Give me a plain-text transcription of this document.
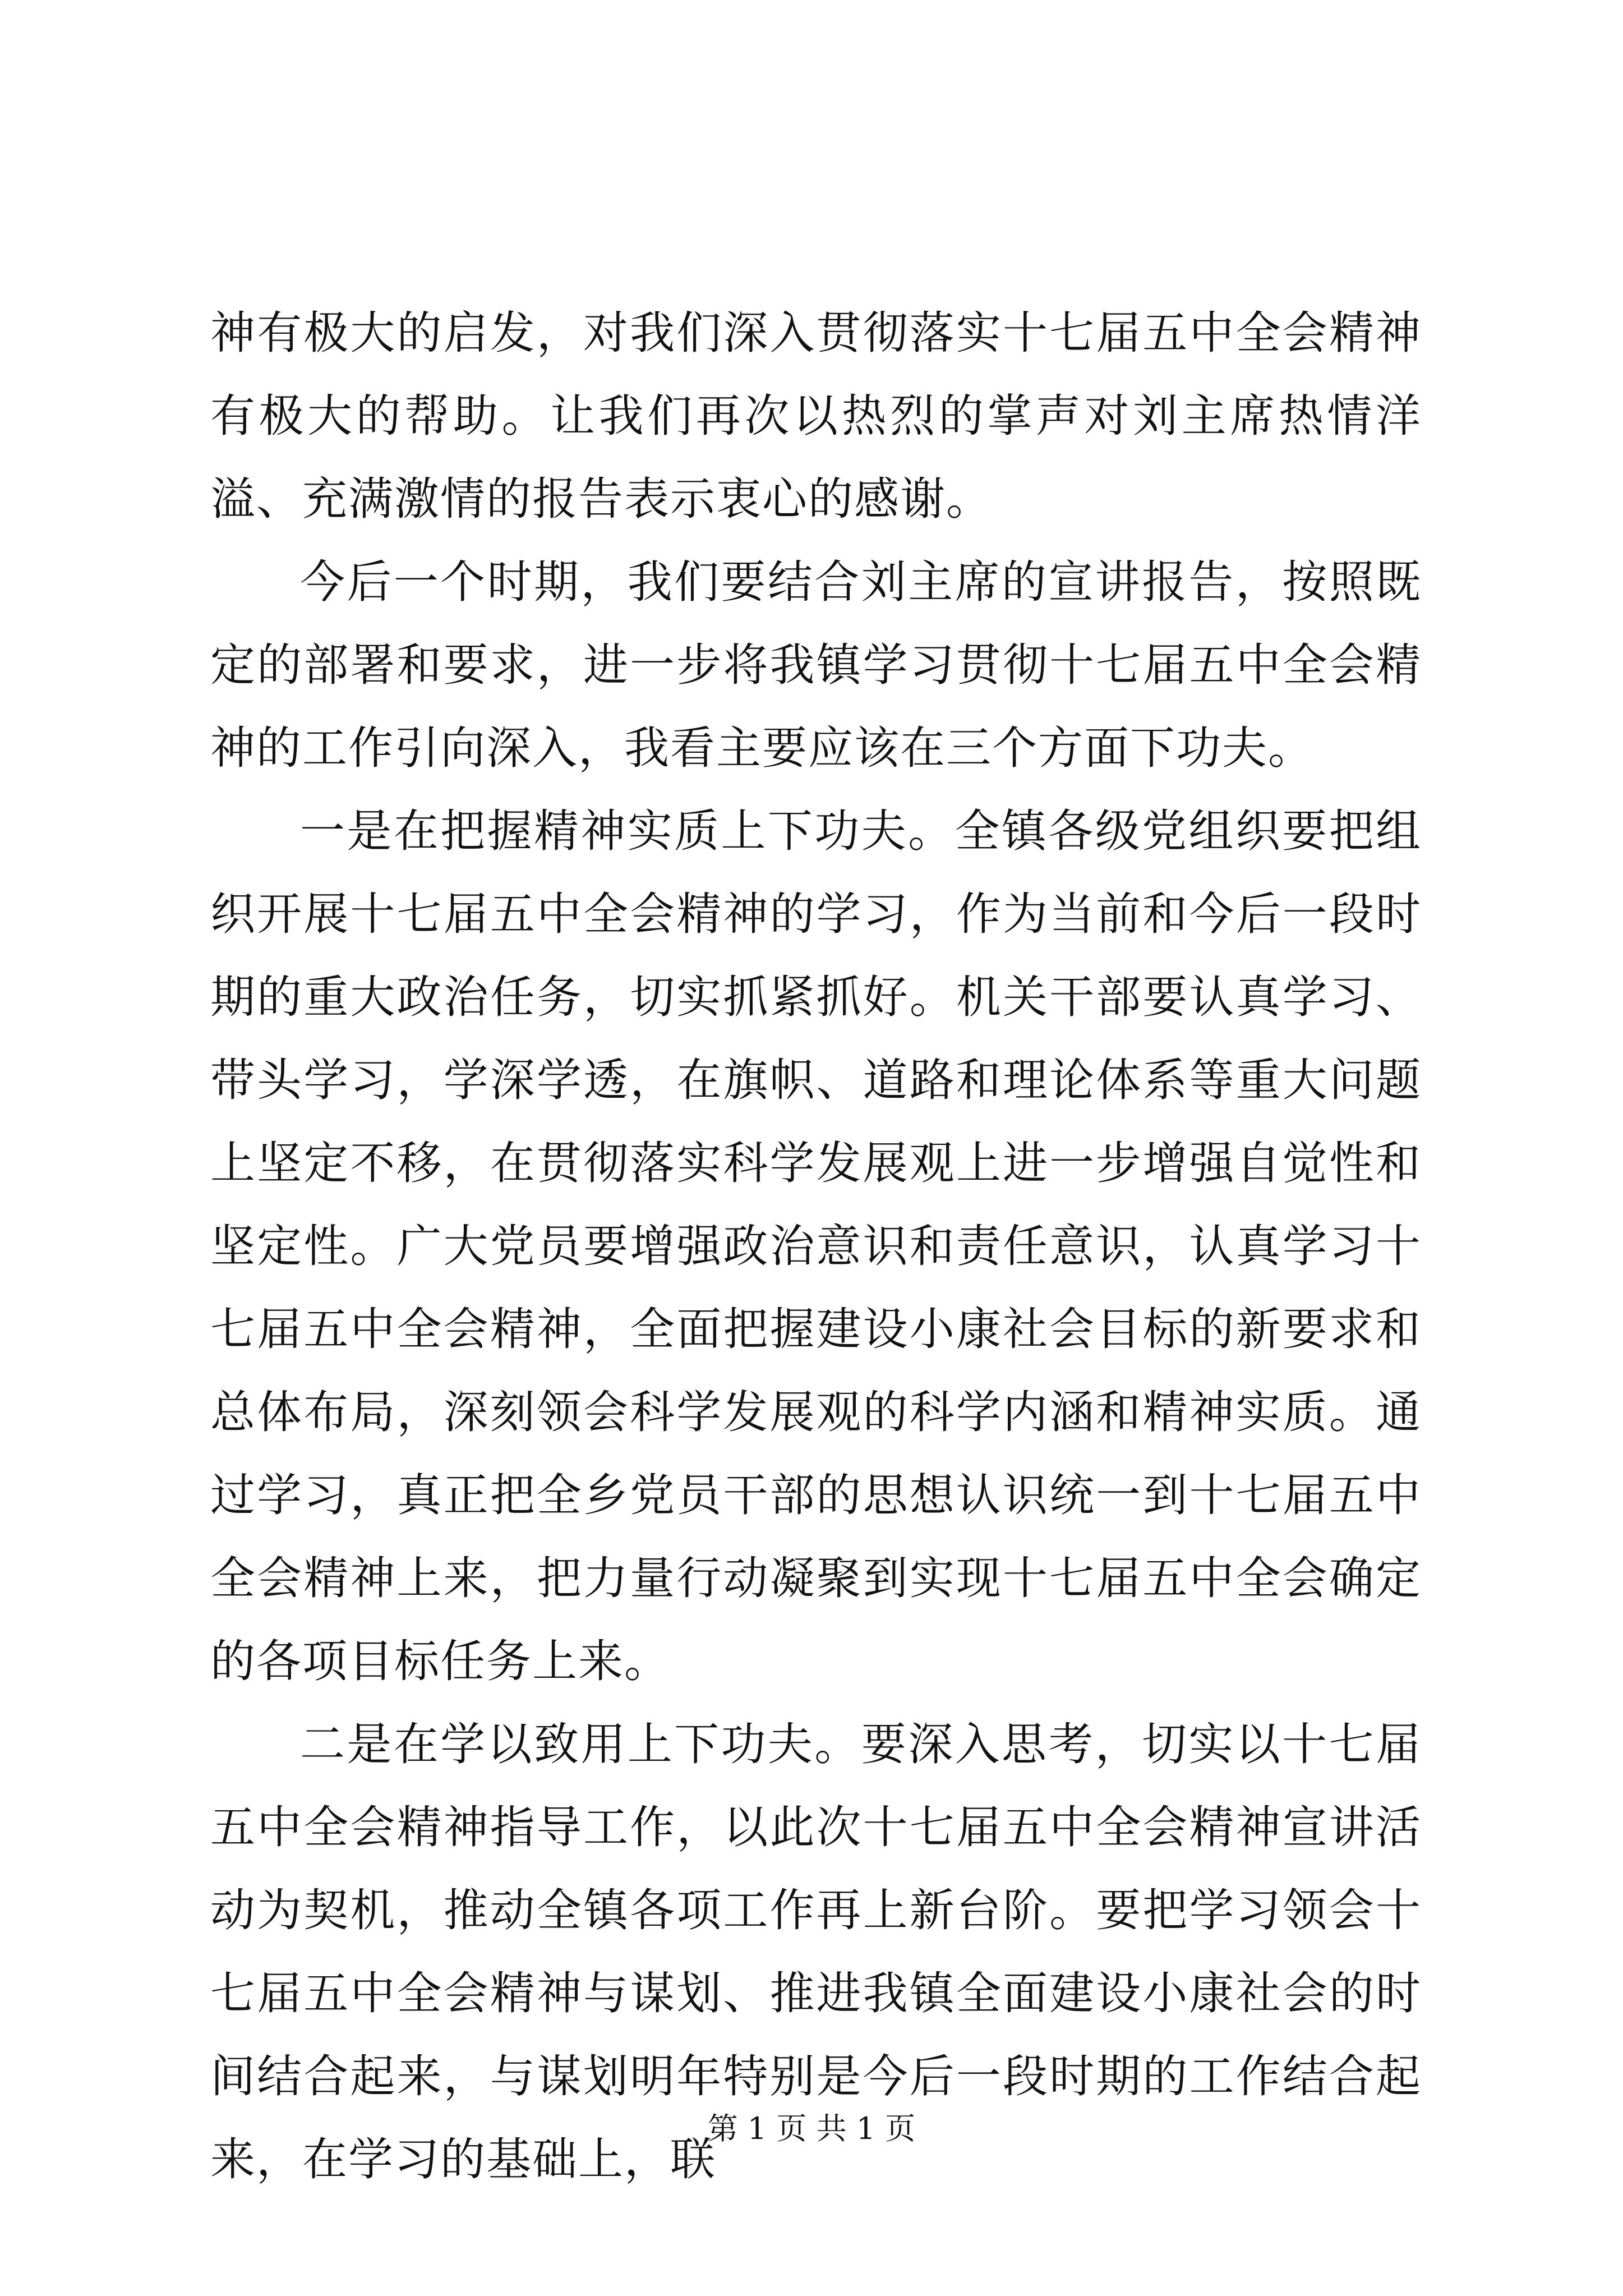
神有极大的启发，对我们深入贯彻落实十七届五中全会精神有极大的帮助。让我们再次以热烈的掌声对刘主席热情洋溢、充满激情的报告表示衷心的感谢。

今后一个时期，我们要结合刘主席的宣讲报告，按照既定的部署和要求，进一步将我镇学习贯彻十七届五中全会精神的工作引向深入，我看主要应该在三个方面下功夫。

一是在把握精神实质上下功夫。全镇各级党组织要把组织开展十七届五中全会精神的学习，作为当前和今后一段时期的重大政治任务，切实抓紧抓好。机关干部要认真学习、带头学习，学深学透，在旗帜、道路和理论体系等重大问题上坚定不移，在贯彻落实科学发展观上进一步增强自觉性和坚定性。广大党员要增强政治意识和责任意识，认真学习十七届五中全会精神，全面把握建设小康社会目标的新要求和总体布局，深刻领会科学发展观的科学内涵和精神实质。通过学习，真正把全乡党员干部的思想认识统一到十七届五中全会精神上来，把力量行动凝聚到实现十七届五中全会确定的各项目标任务上来。

二是在学以致用上下功夫。要深入思考，切实以十七届五中全会精神指导工作，以此次十七届五中全会精神宣讲活动为契机，推动全镇各项工作再上新台阶。要把学习领会十七届五中全会精神与谋划、推进我镇全面建设小康社会的时间结合起来，与谋划明年特别是今后一段时期的工作结合起来，在学习的基础上，联

第 1 页 共 1 页
